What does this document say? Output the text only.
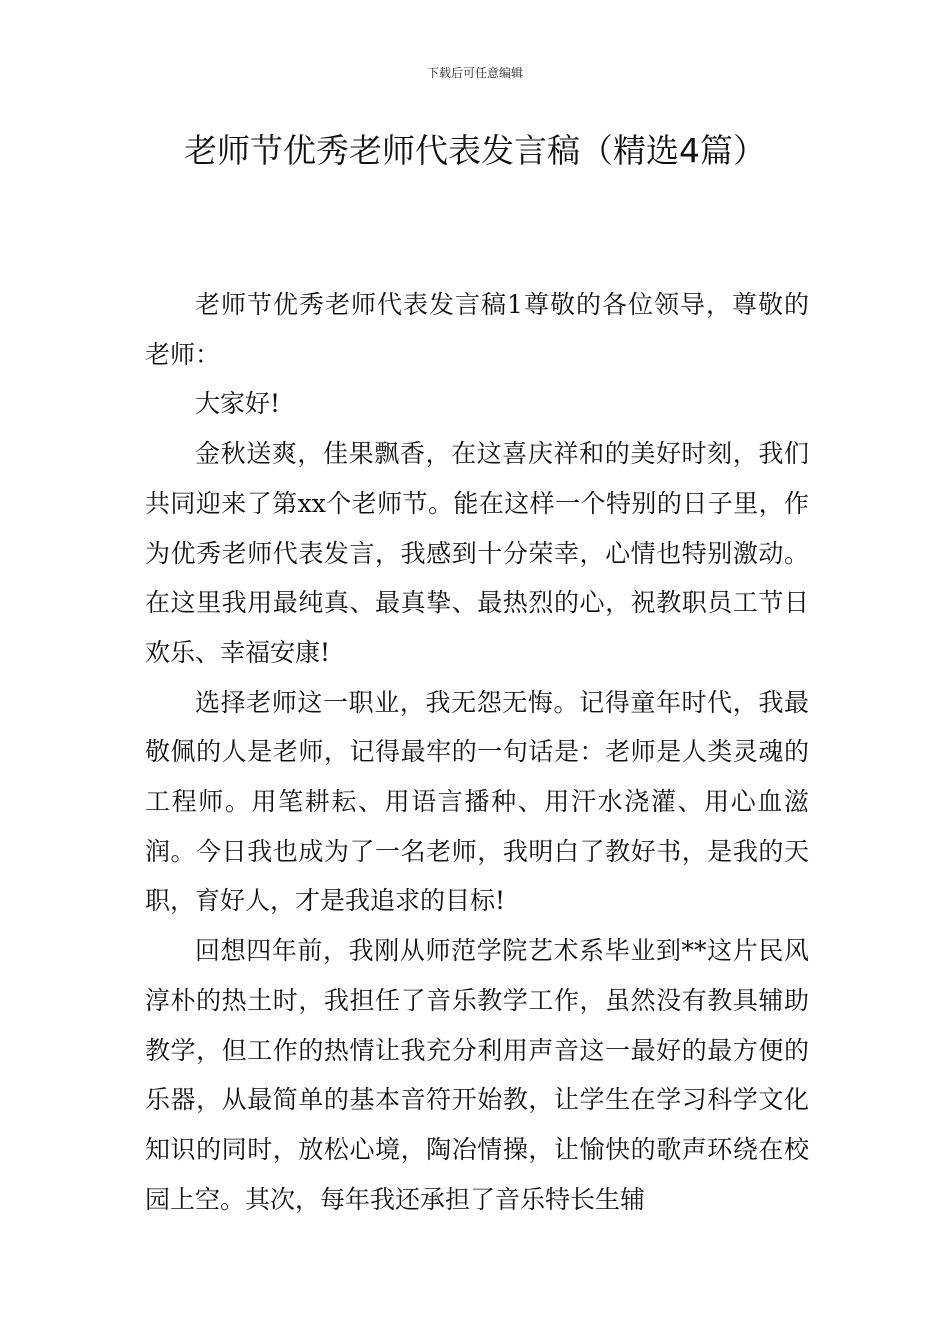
下载后可任意编辑
老师节优秀老师代表发言稿（精选4篇）

老师节优秀老师代表发言稿1尊敬的各位领导，尊敬的老师：

大家好!

金秋送爽，佳果飘香，在这喜庆祥和的美好时刻，我们共同迎来了第xx个老师节。能在这样一个特别的日子里，作为优秀老师代表发言，我感到十分荣幸，心情也特别激动。在这里我用最纯真、最真挚、最热烈的心，祝教职员工节日欢乐、幸福安康!

选择老师这一职业，我无怨无悔。记得童年时代，我最敬佩的人是老师，记得最牢的一句话是：老师是人类灵魂的工程师。用笔耕耘、用语言播种、用汗水浇灌、用心血滋润。今日我也成为了一名老师，我明白了教好书，是我的天职，育好人，才是我追求的目标!

回想四年前，我刚从师范学院艺术系毕业到**这片民风淳朴的热土时，我担任了音乐教学工作，虽然没有教具辅助教学，但工作的热情让我充分利用声音这一最好的最方便的乐器，从最简单的基本音符开始教，让学生在学习科学文化知识的同时，放松心境，陶冶情操，让愉快的歌声环绕在校园上空。其次，每年我还承担了音乐特长生辅
